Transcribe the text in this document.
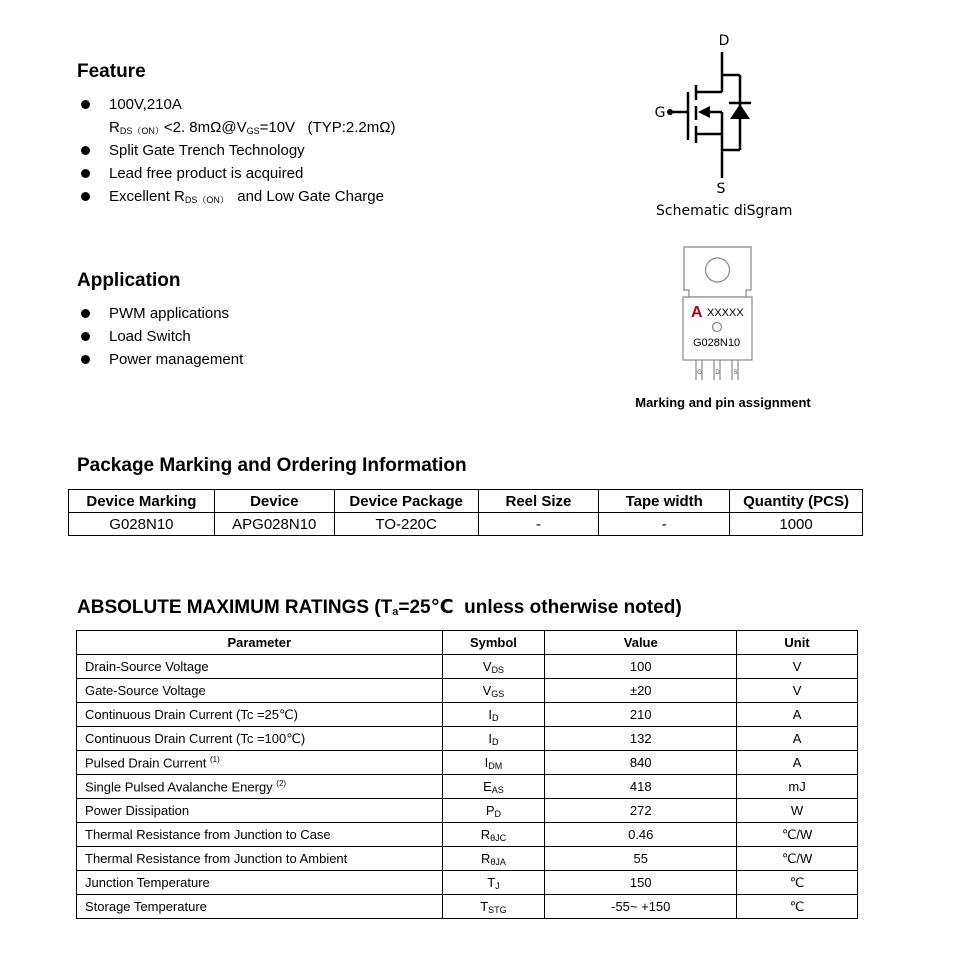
Feature
100V,210A
$R_{DS(ON)}<2$. $8m\Omega@V_{GS}=10V$   (TYP:2.2mΩ)
Split Gate Trench Technology
Lead free product is acquired
Excellent $R_{DS(ON)}$  and Low Gate Charge
Application
PWM applications
Load Switch
Power management
D
G
S
Schematic diSgram
A XXXXX
G028N10
G D S
Marking and pin assignment
Package Marking and Ordering Information
Device Marking	Device	Device Package	Reel Size	Tape width	Quantity (PCS)
G028N10	APG028N10	TO-220C	-	-	1000
ABSOLUTE MAXIMUM RATINGS (Ta=25℃  unless otherwise noted)
Parameter	Symbol	Value	Unit
Drain-Source Voltage	VDS	100	V
Gate-Source Voltage	VGS	±20	V
Continuous Drain Current (Tc =25℃)	ID	210	A
Continuous Drain Current (Tc =100℃)	ID	132	A
Pulsed Drain Current $^{(1)}$	IDM	840	A
Single Pulsed Avalanche Energy $^{(2)}$	EAS	418	mJ
Power Dissipation	PD	272	W
Thermal Resistance from Junction to Case	RθJC	0.46	℃/W
Thermal Resistance from Junction to Ambient	RθJA	55	℃/W
Junction Temperature	TJ	150	℃
Storage Temperature	TSTG	-55~ +150	℃
